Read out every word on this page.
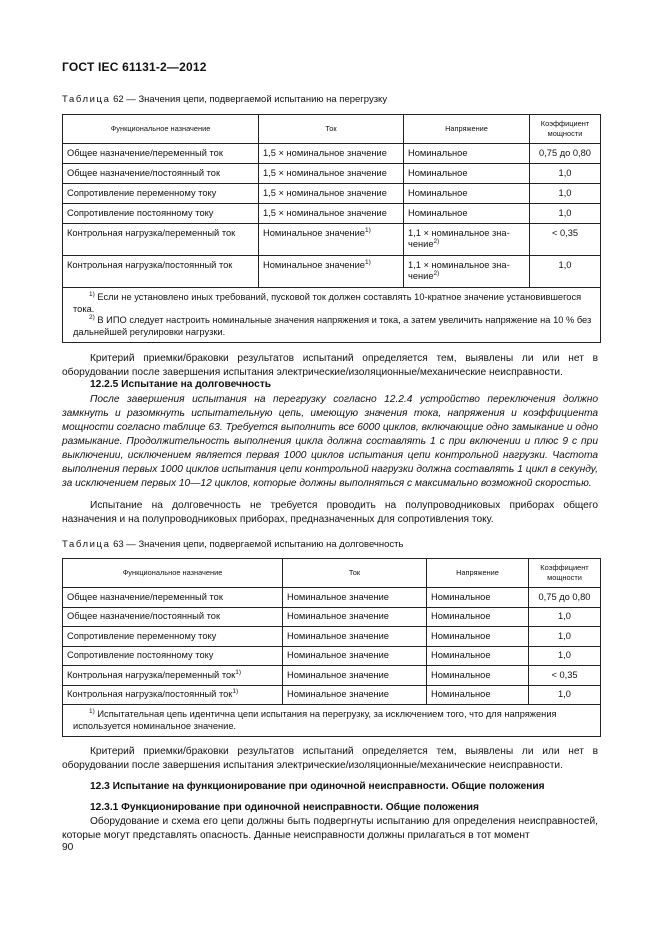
ГОСТ IEC 61131-2—2012
Таблица 62 — Значения цепи, подвергаемой испытанию на перегрузку
Функциональное назначение	Ток	Напряжение	Коэффициент мощности
Общее назначение/переменный ток	1,5 × номинальное значение	Номинальное	0,75 до 0,80
Общее назначение/постоянный ток	1,5 × номинальное значение	Номинальное	1,0
Сопротивление переменному току	1,5 × номинальное значение	Номинальное	1,0
Сопротивление постоянному току	1,5 × номинальное значение	Номинальное	1,0
Контрольная нагрузка/переменный ток	Номинальное значение$^{1)}$	1,1 × номинальное зна-чение$^{2)}$	< 0,35
Контрольная нагрузка/постоянный ток	Номинальное значение$^{1)}$	1,1 × номинальное зна-чение$^{2)}$	1,0

$^{1)}$ Если не установлено иных требований, пусковой ток должен составлять 10-кратное значение установившегося тока.

$^{2)}$ В ИПО следует настроить номинальные значения напряжения и тока, а затем увеличить напряжение на 10 % без дальнейшей регулировки нагрузки.			

Критерий приемки/браковки результатов испытаний определяется тем, выявлены ли или нет в оборудовании после завершения испытания электрические/изоляционные/механические неисправности.
12.2.5 Испытание на долговечность
После завершения испытания на перегрузку согласно 12.2.4 устройство переключения должно замкнуть и разомкнуть испытательную цепь, имеющую значения тока, напряжения и коэффициента мощности согласно таблице 63. Требуется выполнить все 6000 циклов, включающие одно замыкание и одно размыкание. Продолжительность выполнения цикла должна составлять 1 с при включении и плюс 9 с при выключении, исключением является первая 1000 циклов испытания цепи контрольной нагрузки. Частота выполнения первых 1000 циклов испытания цепи контрольной нагрузки должна составлять 1 цикл в секунду, за исключением первых 10—12 циклов, которые должны выполняться с максимально возможной скоростью.
Испытание на долговечность не требуется проводить на полупроводниковых приборах общего назначения и на полупроводниковых приборах, предназначенных для сопротивления току.
Таблица 63 — Значения цепи, подвергаемой испытанию на долговечность
Функциональное назначение	Ток	Напряжение	Коэффициент мощности
Общее назначение/переменный ток	Номинальное значение	Номинальное	0,75 до 0,80
Общее назначение/постоянный ток	Номинальное значение	Номинальное	1,0
Сопротивление переменному току	Номинальное значение	Номинальное	1,0
Сопротивление постоянному току	Номинальное значение	Номинальное	1,0
Контрольная нагрузка/переменный ток$^{1)}$	Номинальное значение	Номинальное	< 0,35
Контрольная нагрузка/постоянный ток$^{1)}$	Номинальное значение	Номинальное	1,0

$^{1)}$ Испытательная цепь идентична цепи испытания на перегрузку, за исключением того, что для напряжения используется номинальное значение.			

Критерий приемки/браковки результатов испытаний определяется тем, выявлены ли или нет в оборудовании после завершения испытания электрические/изоляционные/механические неисправности.
12.3 Испытание на функционирование при одиночной неисправности. Общие положения
12.3.1 Функционирование при одиночной неисправности. Общие положения
Оборудование и схема его цепи должны быть подвергнуты испытанию для определения неисправностей, которые могут представлять опасность. Данные неисправности должны прилагаться в тот момент
90
